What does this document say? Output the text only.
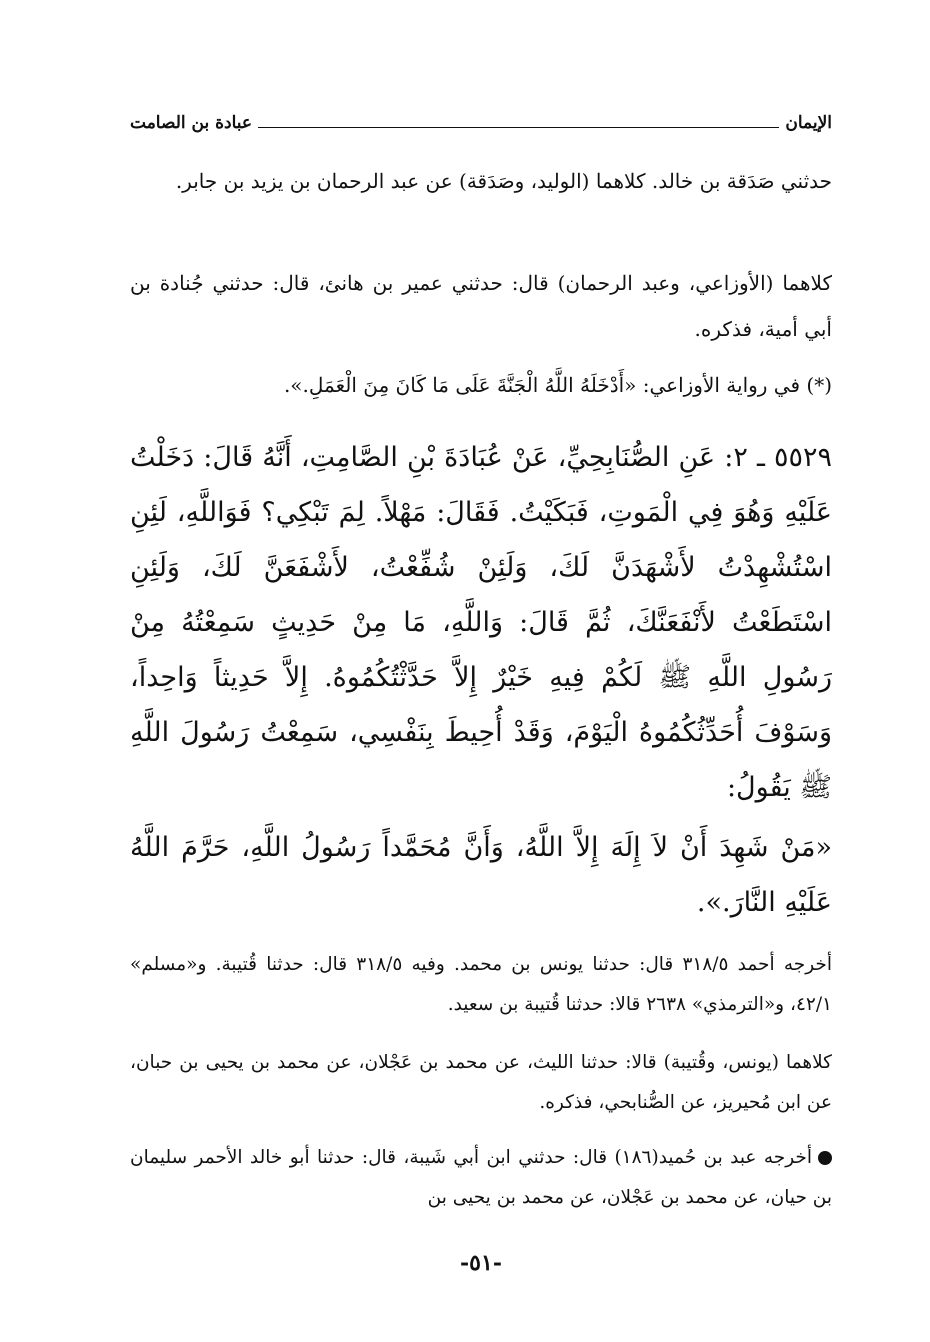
الإيمان
عبادة بن الصامت
حدثني صَدَقة بن خالد. كلاهما (الوليد، وصَدَقة) عن عبد الرحمان بن يزيد بن جابر.
كلاهما (الأوزاعي، وعبد الرحمان) قال: حدثني عمير بن هانئ، قال: حدثني جُنادة بن أبي أمية، فذكره.
(*) في رواية الأوزاعي: «أَدْخَلَهُ اللَّهُ الْجَنَّةَ عَلَى مَا كَانَ مِنَ الْعَمَلِ.».
٥٥٢٩ ـ ٢: عَنِ الصُّنَابِحِيِّ، عَنْ عُبَادَةَ بْنِ الصَّامِتِ، أَنَّهُ قَالَ: دَخَلْتُ عَلَيْهِ وَهُوَ فِي الْمَوتِ، فَبَكَيْتُ. فَقَالَ: مَهْلاً. لِمَ تَبْكِي؟ فَوَاللَّهِ، لَئِنِ اسْتُشْهِدْتُ لأَشْهَدَنَّ لَكَ، وَلَئِنْ شُفِّعْتُ، لأَشْفَعَنَّ لَكَ، وَلَئِنِ اسْتَطَعْتُ لأَنْفَعَنَّكَ، ثُمَّ قَالَ: وَاللَّهِ، مَا مِنْ حَدِيثٍ سَمِعْتُهُ مِنْ رَسُولِ اللَّهِ ﷺ لَكُمْ فِيهِ خَيْرٌ إِلاَّ حَدَّثْتُكُمُوهُ. إِلاَّ حَدِيثاً وَاحِداً، وَسَوْفَ أُحَدِّثُكُمُوهُ الْيَوْمَ، وَقَدْ أُحِيطَ بِنَفْسِي، سَمِعْتُ رَسُولَ اللَّهِ ﷺ يَقُولُ:
«مَنْ شَهِدَ أَنْ لاَ إِلَهَ إِلاَّ اللَّهُ، وَأَنَّ مُحَمَّداً رَسُولُ اللَّهِ، حَرَّمَ اللَّهُ عَلَيْهِ النَّارَ.».
أخرجه أحمد ٣١٨/٥ قال: حدثنا يونس بن محمد. وفيه ٣١٨/٥ قال: حدثنا قُتيبة. و«مسلم» ٤٢/١، و«الترمذي» ٢٦٣٨ قالا: حدثنا قُتيبة بن سعيد.
كلاهما (يونس، وقُتيبة) قالا: حدثنا الليث، عن محمد بن عَجْلان، عن محمد بن يحيى بن حبان، عن ابن مُحيريز، عن الصُّنابحي، فذكره.
أخرجه عبد بن حُميد(١٨٦) قال: حدثني ابن أبي شَيبة، قال: حدثنا أبو خالد الأحمر سليمان بن حيان، عن محمد بن عَجْلان، عن محمد بن يحيى بن
-٥١-
